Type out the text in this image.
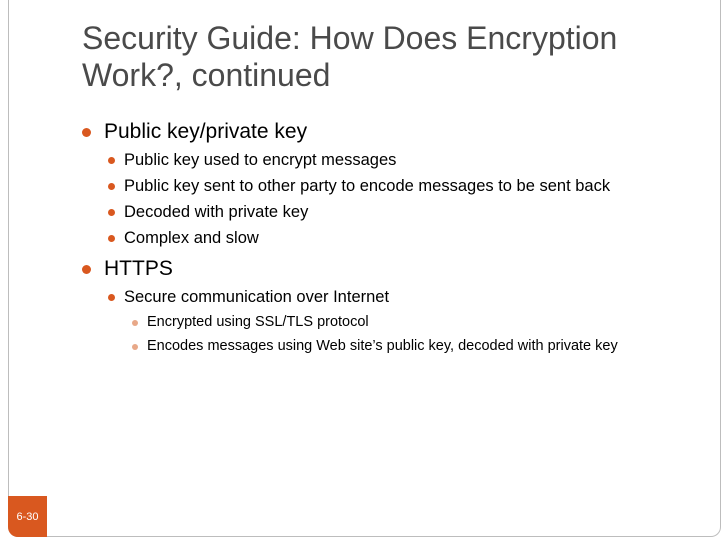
Security Guide: How Does Encryption Work?, continued
Public key/private key
Public key used to encrypt messages
Public key sent to other party to encode messages to be sent back
Decoded with private key
Complex and slow
HTTPS
Secure communication over Internet
Encrypted using SSL/TLS protocol
Encodes messages using Web site’s public key, decoded with private key
6-30
